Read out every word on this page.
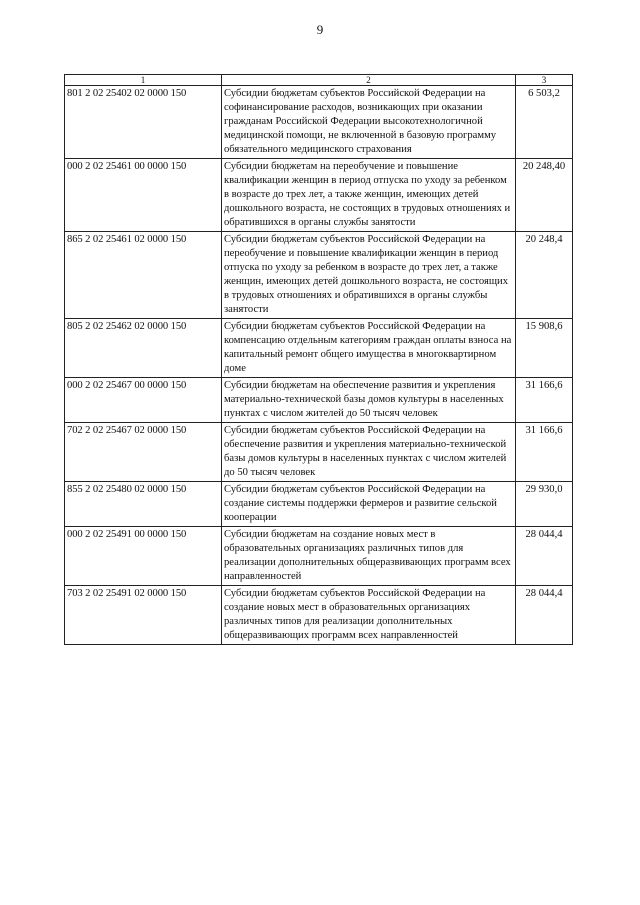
9
1	2	3
801 2 02 25402 02 0000 150	Субсидии бюджетам субъектов Российской Федерации на софинансирование расходов, возникающих при оказании гражданам Российской Федерации высокотехнологичной медицинской помощи, не включенной в базовую программу обязательного медицинского страхования	6 503,2
000 2 02 25461 00 0000 150	Субсидии бюджетам на переобучение и повышение квалификации женщин в период отпуска по уходу за ребенком в возрасте до трех лет, а также женщин, имеющих детей дошкольного возраста, не состоящих в трудовых отношениях и обратившихся в органы службы занятости	20 248,40
865 2 02 25461 02 0000 150	Субсидии бюджетам субъектов Российской Федерации на переобучение и повышение квалификации женщин в период отпуска по уходу за ребенком в возрасте до трех лет, а также женщин, имеющих детей дошкольного возраста, не состоящих в трудовых отношениях и обратившихся в органы службы занятости	20 248,4
805 2 02 25462 02 0000 150	Субсидии бюджетам субъектов Российской Федерации на компенсацию отдельным категориям граждан оплаты взноса на капитальный ремонт общего имущества в многоквартирном доме	15 908,6
000 2 02 25467 00 0000 150	Субсидии бюджетам на обеспечение развития и укрепления материально-технической базы домов культуры в населенных пунктах с числом жителей до 50 тысяч человек	31 166,6
702 2 02 25467 02 0000 150	Субсидии бюджетам субъектов Российской Федерации на обеспечение развития и укрепления материально-технической базы домов культуры в населенных пунктах с числом жителей до 50 тысяч человек	31 166,6
855 2 02 25480 02 0000 150	Субсидии бюджетам субъектов Российской Федерации на создание системы поддержки фермеров и развитие сельской кооперации	29 930,0
000 2 02 25491 00 0000 150	Субсидии бюджетам на создание новых мест в образовательных организациях различных типов для реализации дополнительных общеразвивающих программ всех направленностей	28 044,4
703 2 02 25491 02 0000 150	Субсидии бюджетам субъектов Российской Федерации на создание новых мест в образовательных организациях различных типов для реализации дополнительных общеразвивающих программ всех направленностей	28 044,4
